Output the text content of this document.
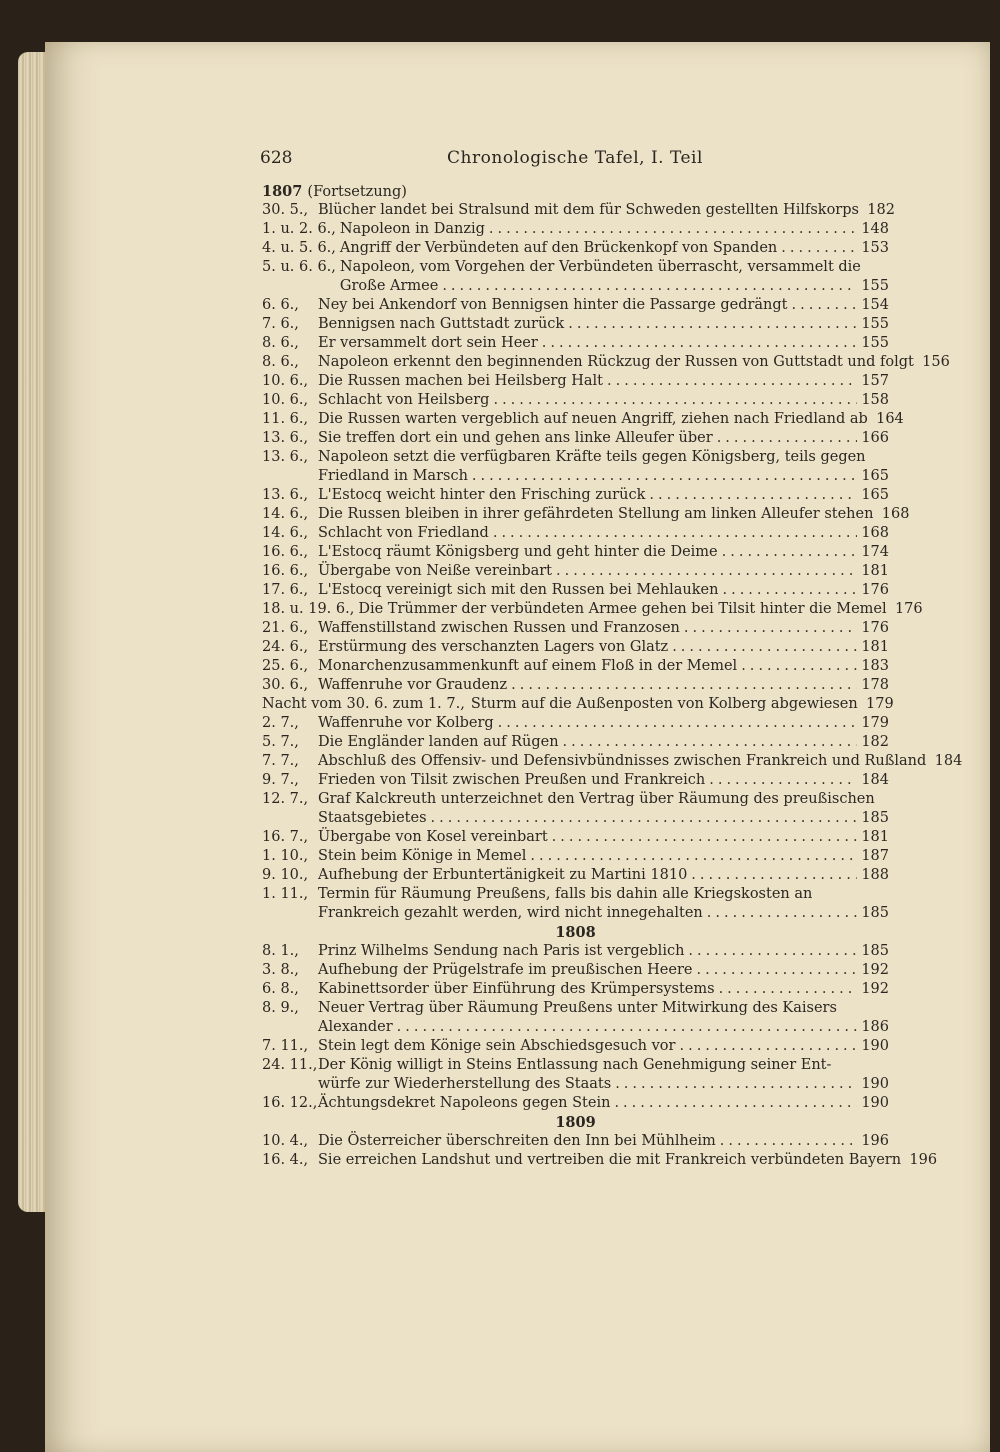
628	Chronologische Tafel, I. Teil
1807 (Fortsetzung)
30. 5., Blücher landet bei Stralsund mit dem für Schweden gestellten Hilfskorps ..... 182
1. u. 2. 6., Napoleon in Danzig .....	148
4. u. 5. 6., Angriff der Verbündeten auf den Brückenkopf von Spanden .....	153
5. u. 6. 6., Napoleon, vom Vorgehen der Verbündeten überrascht, versammelt die
Große Armee .....	155
6. 6.,	Ney bei Ankendorf von Bennigsen hinter die Passarge gedrängt .....	154
7. 6.,	Bennigsen nach Guttstadt zurück .....	155
8. 6.,	Er versammelt dort sein Heer .....	155
8. 6.,	Napoleon erkennt den beginnenden Rückzug der Russen von Guttstadt und folgt ..... 156
10. 6., Die Russen machen bei Heilsberg Halt .....	157
10. 6., Schlacht von Heilsberg .....	158
11. 6., Die Russen warten vergeblich auf neuen Angriff, ziehen nach Friedland ab ..... 164
13. 6., Sie treffen dort ein und gehen ans linke Alleufer über .....	166
13. 6., Napoleon setzt die verfügbaren Kräfte teils gegen Königsberg, teils gegen
Friedland in Marsch .....	165
13. 6., L'Estocq weicht hinter den Frisching zurück .....	165
14. 6., Die Russen bleiben in ihrer gefährdeten Stellung am linken Alleufer stehen ..... 168
14. 6., Schlacht von Friedland .....	168
16. 6., L'Estocq räumt Königsberg und geht hinter die Deime .....	174
16. 6., Übergabe von Neiße vereinbart .....	181
17. 6., L'Estocq vereinigt sich mit den Russen bei Mehlauken .....	176
18. u. 19. 6., Die Trümmer der verbündeten Armee gehen bei Tilsit hinter die Memel ..... 176
21. 6., Waffenstillstand zwischen Russen und Franzosen .....	176
24. 6., Erstürmung des verschanzten Lagers von Glatz .....	181
25. 6., Monarchenzusammenkunft auf einem Floß in der Memel .....	183
30. 6., Waffenruhe vor Graudenz .....	178
Nacht vom 30. 6. zum 1. 7., Sturm auf die Außenposten von Kolberg abgewiesen ..... 179
2. 7.,	Waffenruhe vor Kolberg .....	179
5. 7.,	Die Engländer landen auf Rügen .....	182
7. 7.,	Abschluß des Offensiv- und Defensivbündnisses zwischen Frankreich und Rußland ..... 184
9. 7.,	Frieden von Tilsit zwischen Preußen und Frankreich .....	184
12. 7., Graf Kalckreuth unterzeichnet den Vertrag über Räumung des preußischen
Staatsgebietes .....	185
16. 7., Übergabe von Kosel vereinbart .....	181
1. 10., Stein beim Könige in Memel .....	187
9. 10., Aufhebung der Erbuntertänigkeit zu Martini 1810 .....	188
1. 11., Termin für Räumung Preußens, falls bis dahin alle Kriegskosten an
Frankreich gezahlt werden, wird nicht innegehalten .....	185
1808
8. 1.,	Prinz Wilhelms Sendung nach Paris ist vergeblich .....	185
3. 8.,	Aufhebung der Prügelstrafe im preußischen Heere .....	192
6. 8.,	Kabinettsorder über Einführung des Krümpersystems .....	192
8. 9.,	Neuer Vertrag über Räumung Preußens unter Mitwirkung des Kaisers
Alexander .....	186
7. 11., Stein legt dem Könige sein Abschiedsgesuch vor .....	190
24. 11., Der König willigt in Steins Entlassung nach Genehmigung seiner Ent-
würfe zur Wiederherstellung des Staats .....	190
16. 12., Ächtungsdekret Napoleons gegen Stein .....	190
1809
10. 4., Die Österreicher überschreiten den Inn bei Mühlheim .....	196
16. 4., Sie erreichen Landshut und vertreiben die mit Frankreich verbündeten Bayern ..... 196
